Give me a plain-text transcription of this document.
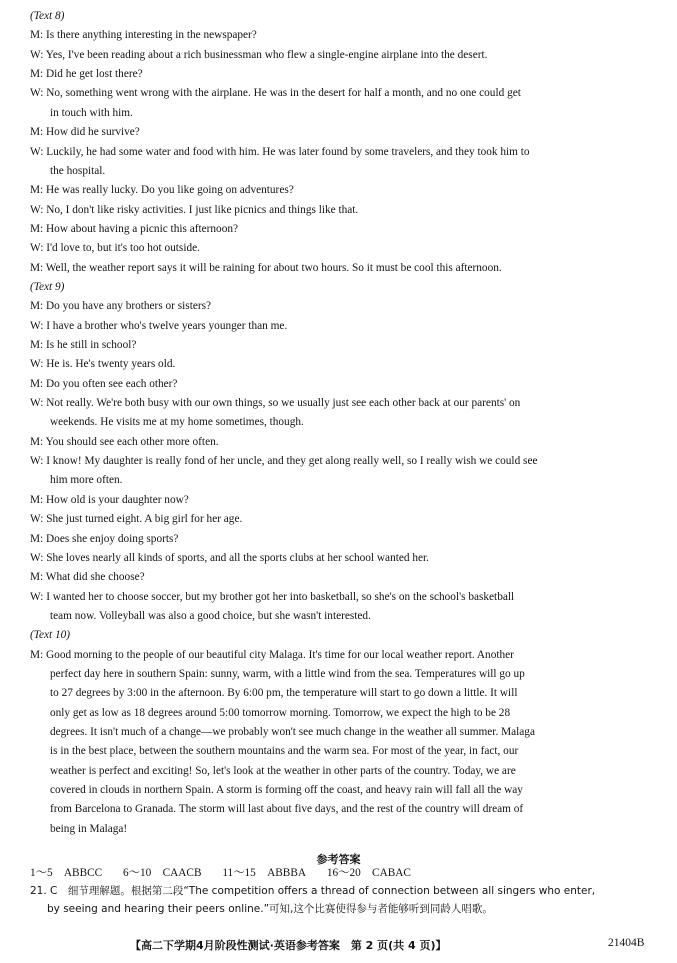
(Text 8)
M: Is there anything interesting in the newspaper?
W: Yes, I've been reading about a rich businessman who flew a single-engine airplane into the desert.
M: Did he get lost there?
W: No, something went wrong with the airplane. He was in the desert for half a month, and no one could get
in touch with him.
M: How did he survive?
W: Luckily, he had some water and food with him. He was later found by some travelers, and they took him to
the hospital.
M: He was really lucky. Do you like going on adventures?
W: No, I don't like risky activities. I just like picnics and things like that.
M: How about having a picnic this afternoon?
W: I'd love to, but it's too hot outside.
M: Well, the weather report says it will be raining for about two hours. So it must be cool this afternoon.
(Text 9)
M: Do you have any brothers or sisters?
W: I have a brother who's twelve years younger than me.
M: Is he still in school?
W: He is. He's twenty years old.
M: Do you often see each other?
W: Not really. We're both busy with our own things, so we usually just see each other back at our parents' on
weekends. He visits me at my home sometimes, though.
M: You should see each other more often.
W: I know! My daughter is really fond of her uncle, and they get along really well, so I really wish we could see
him more often.
M: How old is your daughter now?
W: She just turned eight. A big girl for her age.
M: Does she enjoy doing sports?
W: She loves nearly all kinds of sports, and all the sports clubs at her school wanted her.
M: What did she choose?
W: I wanted her to choose soccer, but my brother got her into basketball, so she's on the school's basketball
team now. Volleyball was also a good choice, but she wasn't interested.
(Text 10)
M: Good morning to the people of our beautiful city Malaga. It's time for our local weather report. Another
perfect day here in southern Spain: sunny, warm, with a little wind from the sea. Temperatures will go up
to 27 degrees by 3:00 in the afternoon. By 6:00 pm, the temperature will start to go down a little. It will
only get as low as 18 degrees around 5:00 tomorrow morning. Tomorrow, we expect the high to be 28
degrees. It isn't much of a change—we probably won't see much change in the weather all summer. Malaga
is in the best place, between the southern mountains and the warm sea. For most of the year, in fact, our
weather is perfect and exciting! So, let's look at the weather in other parts of the country. Today, we are
covered in clouds in northern Spain. A storm is forming off the coast, and heavy rain will fall all the way
from Barcelona to Granada. The storm will last about five days, and the rest of the country will dream of
being in Malaga!
参考答案
1～5　ABBCC 6～10　CAACB 11～15　ABBBA 16～20　CABAC
21. C　细节理解题。根据第二段“The competition offers a thread of connection between all singers who enter,
by seeing and hearing their peers online.”可知,这个比赛使得参与者能够听到同龄人唱歌。
【高二下学期4月阶段性测试·英语参考答案　第 2 页(共 4 页)】	21404B
